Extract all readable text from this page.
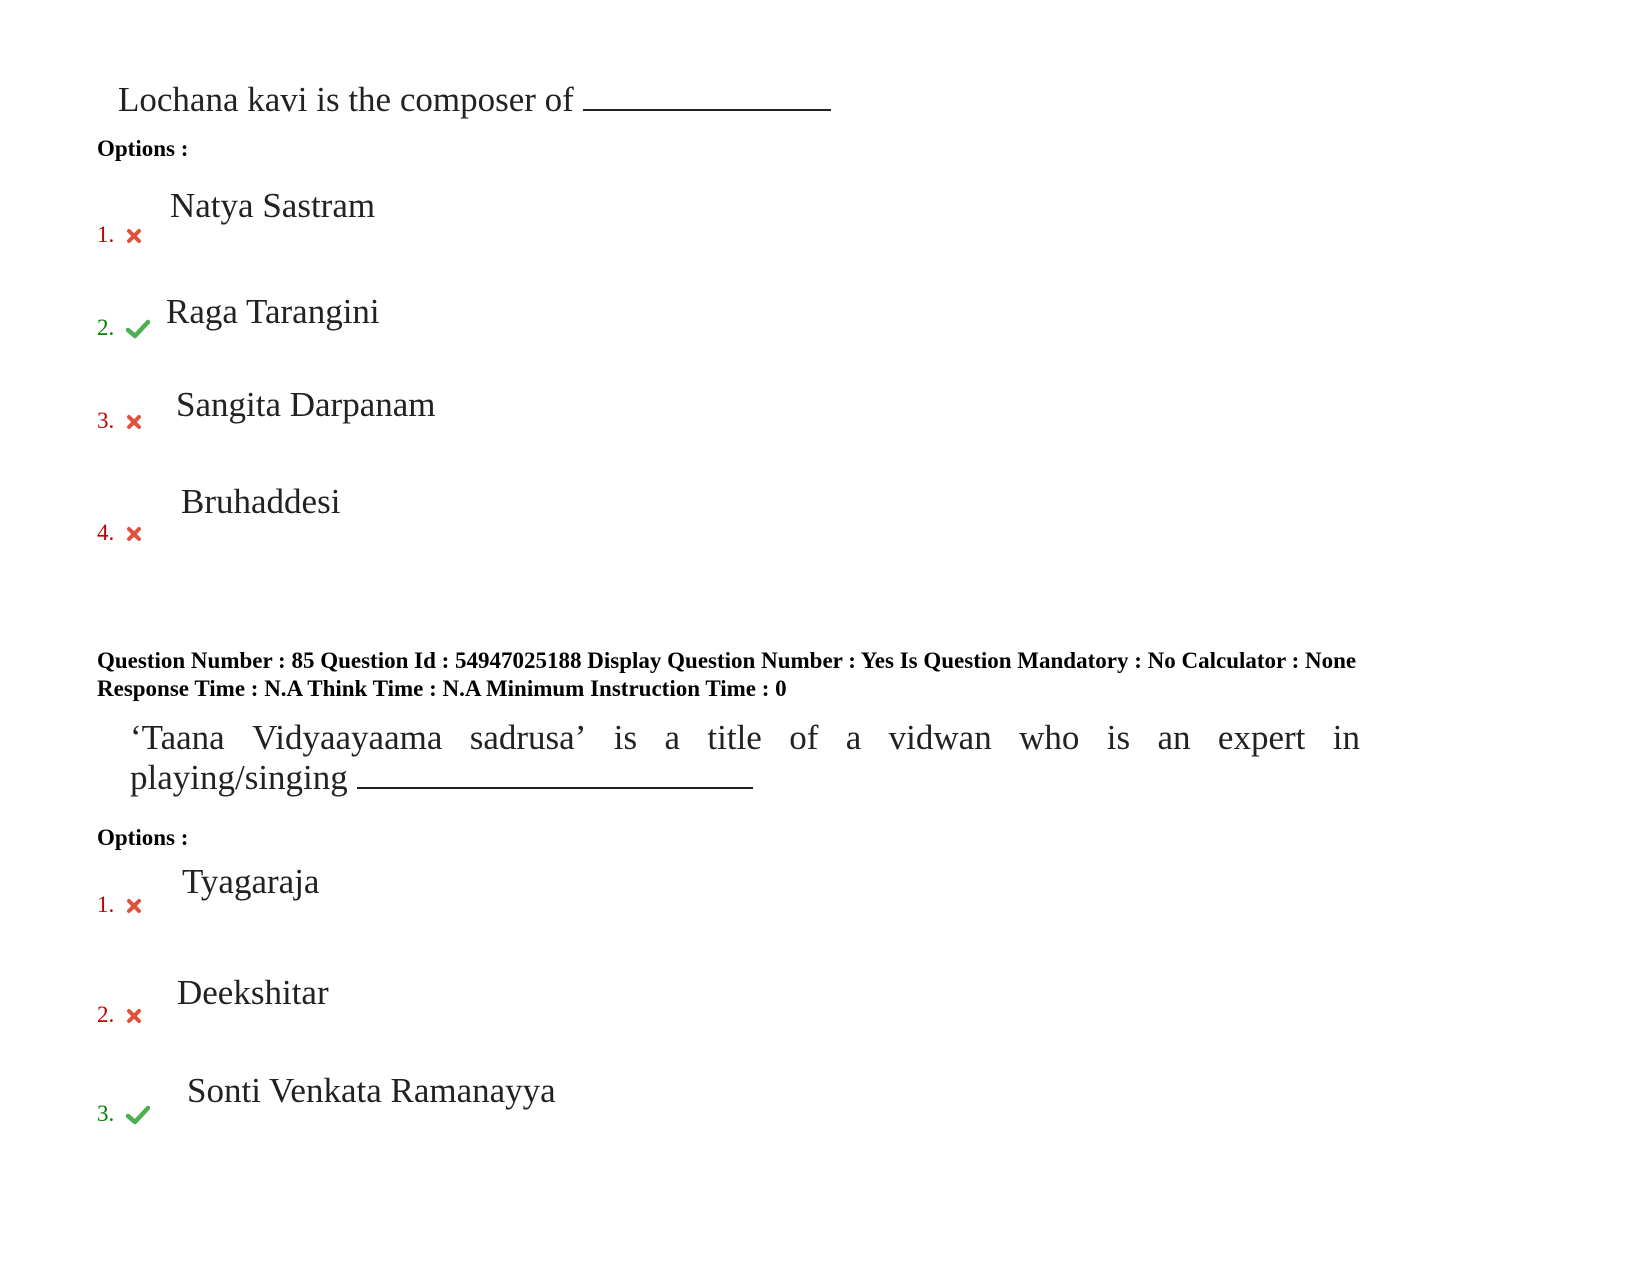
Lochana kavi is the composer of
Options :
1.
Natya Sastram
2.	Raga Tarangini
3.	Sangita Darpanam
4.
Bruhaddesi
Question Number : 85 Question Id : 54947025188 Display Question Number : Yes Is Question Mandatory : No Calculator : None
Response Time : N.A Think Time : N.A Minimum Instruction Time : 0
‘Taana Vidyaayaama sadrusa’ is a title of a vidwan who is an expert in
playing/singing
Options :
1.
Tyagaraja
2.
Deekshitar
3.
Sonti Venkata Ramanayya
